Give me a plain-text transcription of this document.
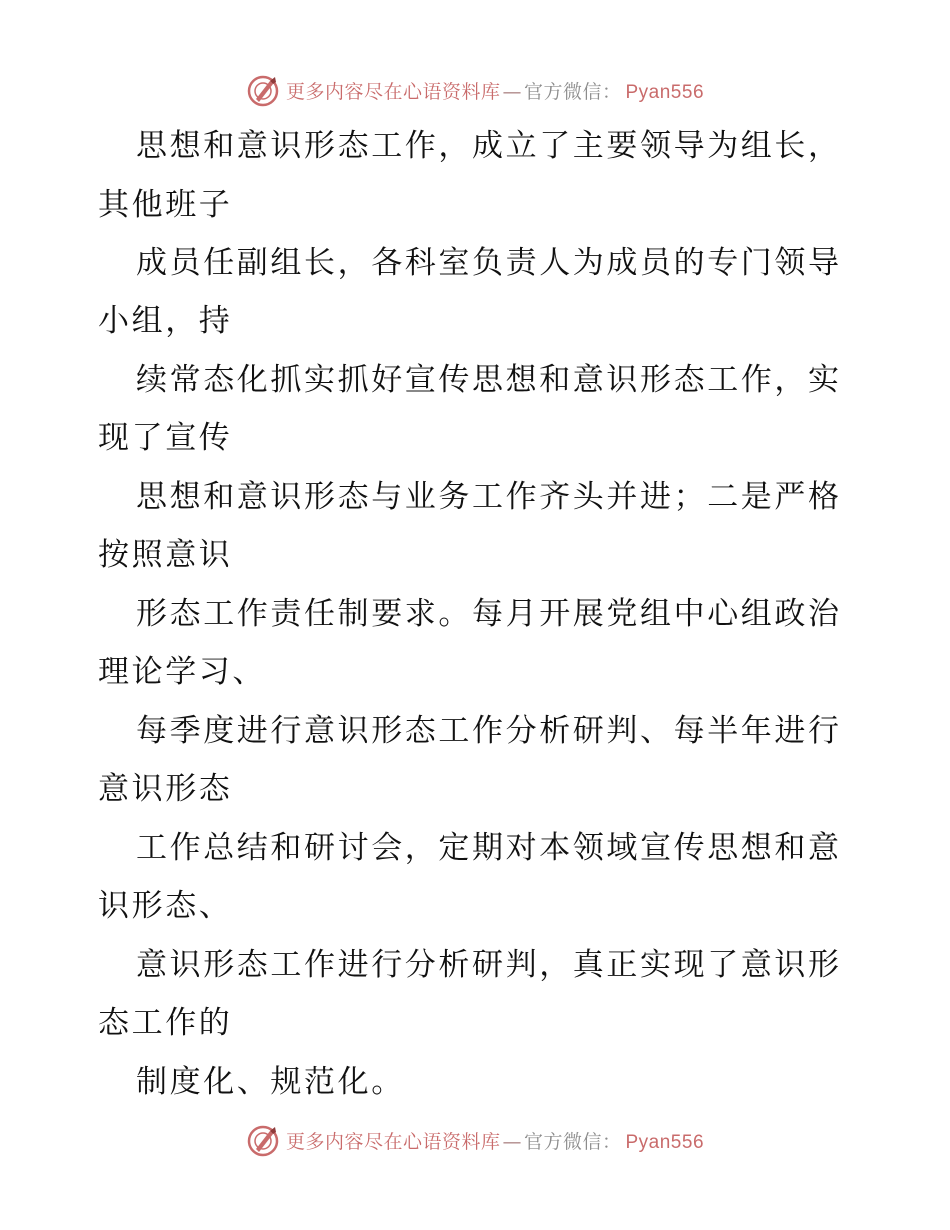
更多内容尽在心语资料库 — 官方微信： Pyan556
思想和意识形态工作，成立了主要领导为组长，
其他班子
成员任副组长，各科室负责人为成员的专门领导
小组，持
续常态化抓实抓好宣传思想和意识形态工作，实
现了宣传
思想和意识形态与业务工作齐头并进；二是严格
按照意识
形态工作责任制要求。每月开展党组中心组政治
理论学习、
每季度进行意识形态工作分析研判、每半年进行
意识形态
工作总结和研讨会，定期对本领域宣传思想和意
识形态、
意识形态工作进行分析研判，真正实现了意识形
态工作的
制度化、规范化。
更多内容尽在心语资料库 — 官方微信： Pyan556
